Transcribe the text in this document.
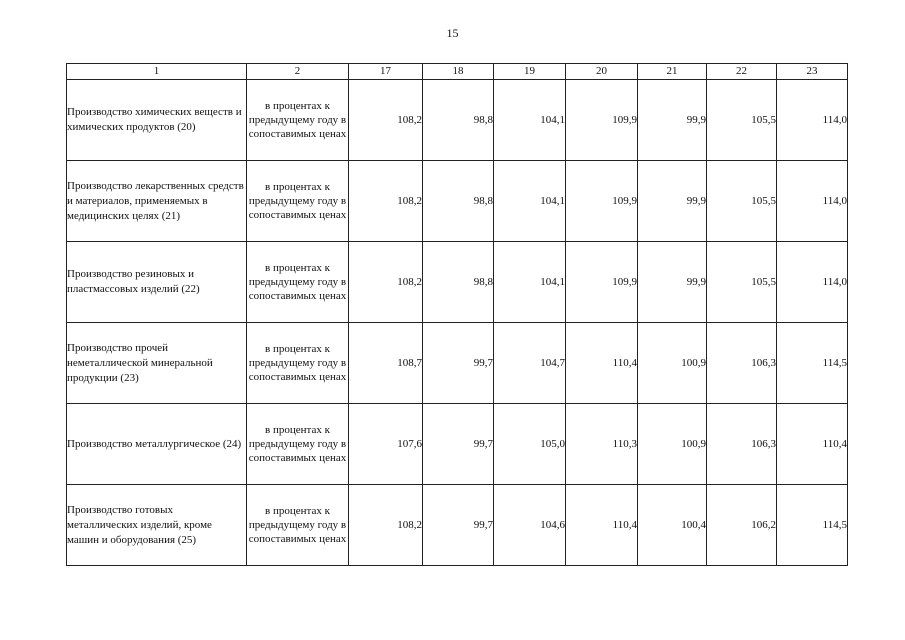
15
1	2	17	18	19	20	21	22	23
Производство химических веществ и химических продуктов (20)	в процентах к предыдущему году в сопоставимых ценах	108,2	98,8	104,1	109,9	99,9	105,5	114,0
Производство лекарственных средств и материалов, применяемых в медицинских целях (21)	в процентах к предыдущему году в сопоставимых ценах	108,2	98,8	104,1	109,9	99,9	105,5	114,0
Производство резиновых и пластмассовых изделий (22)	в процентах к предыдущему году в сопоставимых ценах	108,2	98,8	104,1	109,9	99,9	105,5	114,0
Производство прочей неметаллической минеральной продукции (23)	в процентах к предыдущему году в сопоставимых ценах	108,7	99,7	104,7	110,4	100,9	106,3	114,5
Производство металлургическое (24)	в процентах к предыдущему году в сопоставимых ценах	107,6	99,7	105,0	110,3	100,9	106,3	110,4
Производство готовых металлических изделий, кроме машин и оборудования (25)	в процентах к предыдущему году в сопоставимых ценах	108,2	99,7	104,6	110,4	100,4	106,2	114,5
